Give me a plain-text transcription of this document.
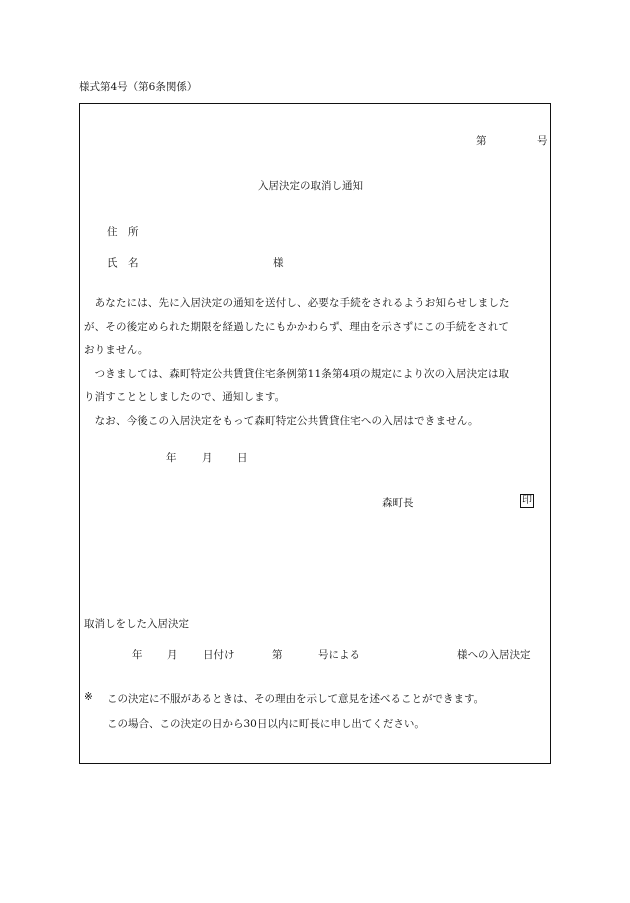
様式第4号（第6条関係）
第	号
入居決定の取消し通知
住　所
氏　名	様

　あなたには、先に入居決定の通知を送付し、必要な手続をされるようお知らせしました

が、その後定められた期限を経過したにもかかわらず、理由を示さずにこの手続をされて

おりません。

　つきましては、森町特定公共賃貸住宅条例第11条第4項の規定により次の入居決定は取

り消すこととしましたので、通知します。

　なお、今後この入居決定をもって森町特定公共賃貸住宅への入居はできません。

年 月 日
森町長	印
取消しをした入居決定
年 月 日付け	第	号による	様への入居決定
※ この決定に不服があるときは、その理由を示して意見を述べることができます。
この場合、この決定の日から30日以内に町長に申し出てください。
